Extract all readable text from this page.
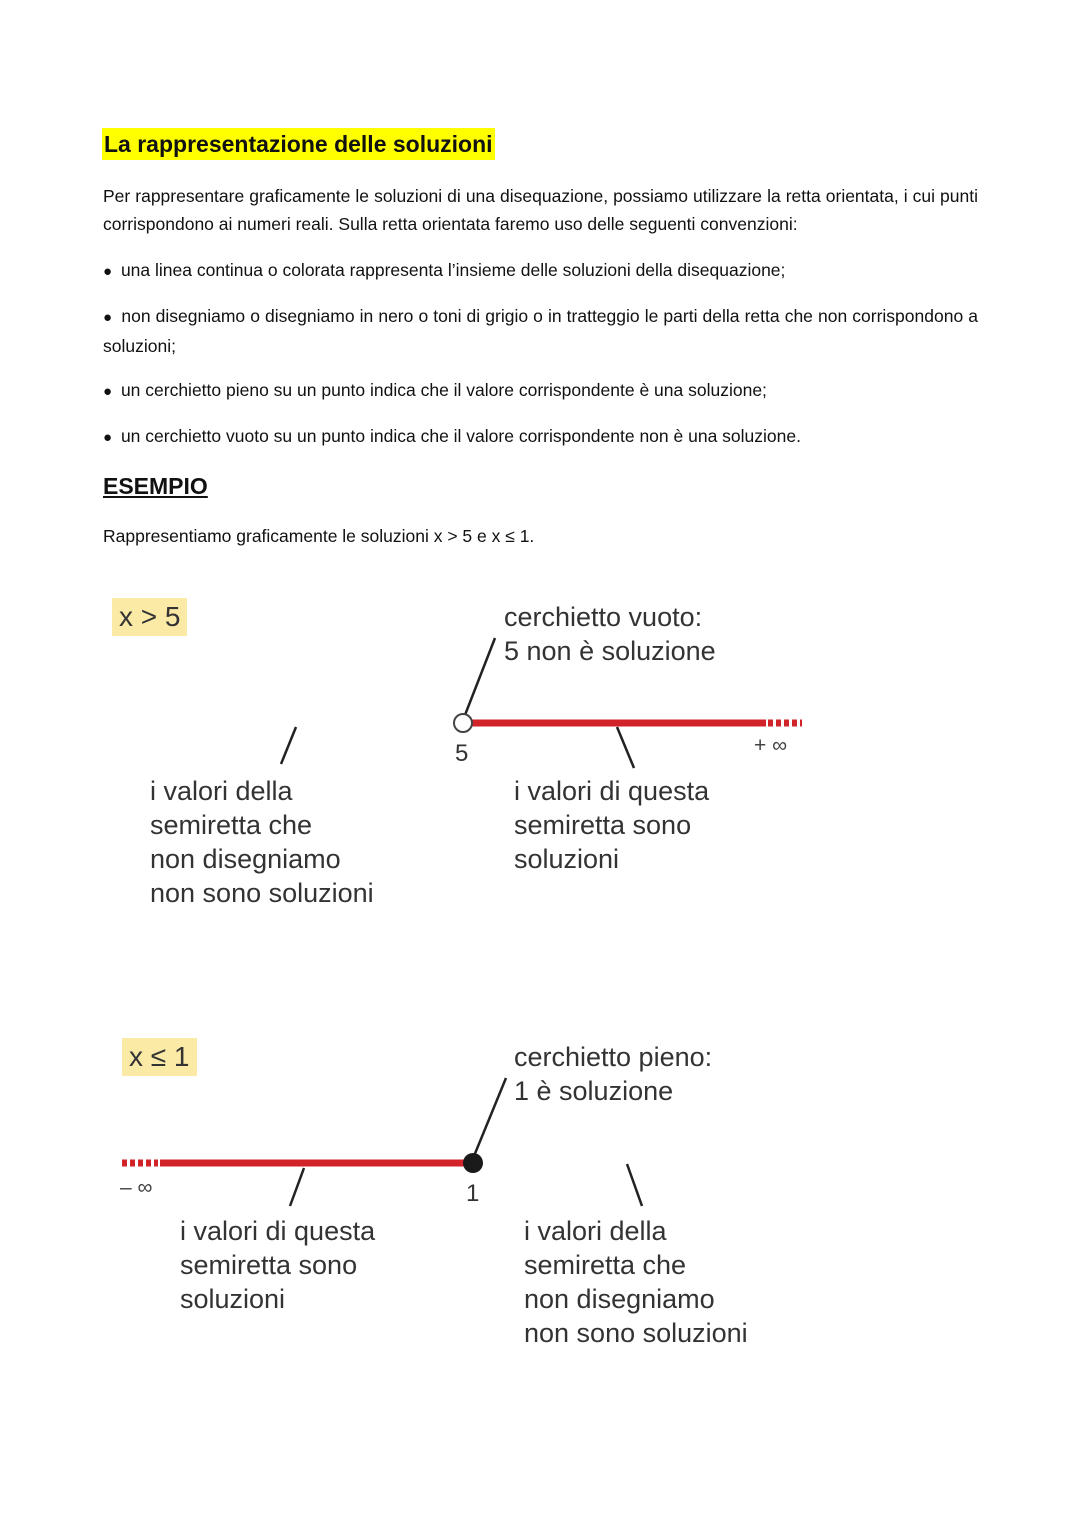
La rappresentazione delle soluzioni

Per rappresentare graficamente le soluzioni di una disequazione, possiamo utilizzare la retta orientata, i cui punti corrispondono ai numeri reali. Sulla retta orientata faremo uso delle seguenti convenzioni:

● una linea continua o colorata rappresenta l’insieme delle soluzioni della disequazione;

● non disegniamo o disegniamo in nero o toni di grigio o in tratteggio le parti della retta che non corrispondono a soluzioni;

● un cerchietto pieno su un punto indica che il valore corrispondente è una soluzione;

● un cerchietto vuoto su un punto indica che il valore corrispondente non è una soluzione.

ESEMPIO

Rappresentiamo graficamente le soluzioni x > 5 e x ≤ 1.

x > 5	cerchietto vuoto:
5 non è soluzione
5	+ ∞
i valori della
semiretta che
non disegniamo
non sono soluzioni
i valori di questa
semiretta sono
soluzioni
x ≤ 1	cerchietto pieno:
1 è soluzione
– ∞	1
i valori di questa
semiretta sono
soluzioni
i valori della
semiretta che
non disegniamo
non sono soluzioni
